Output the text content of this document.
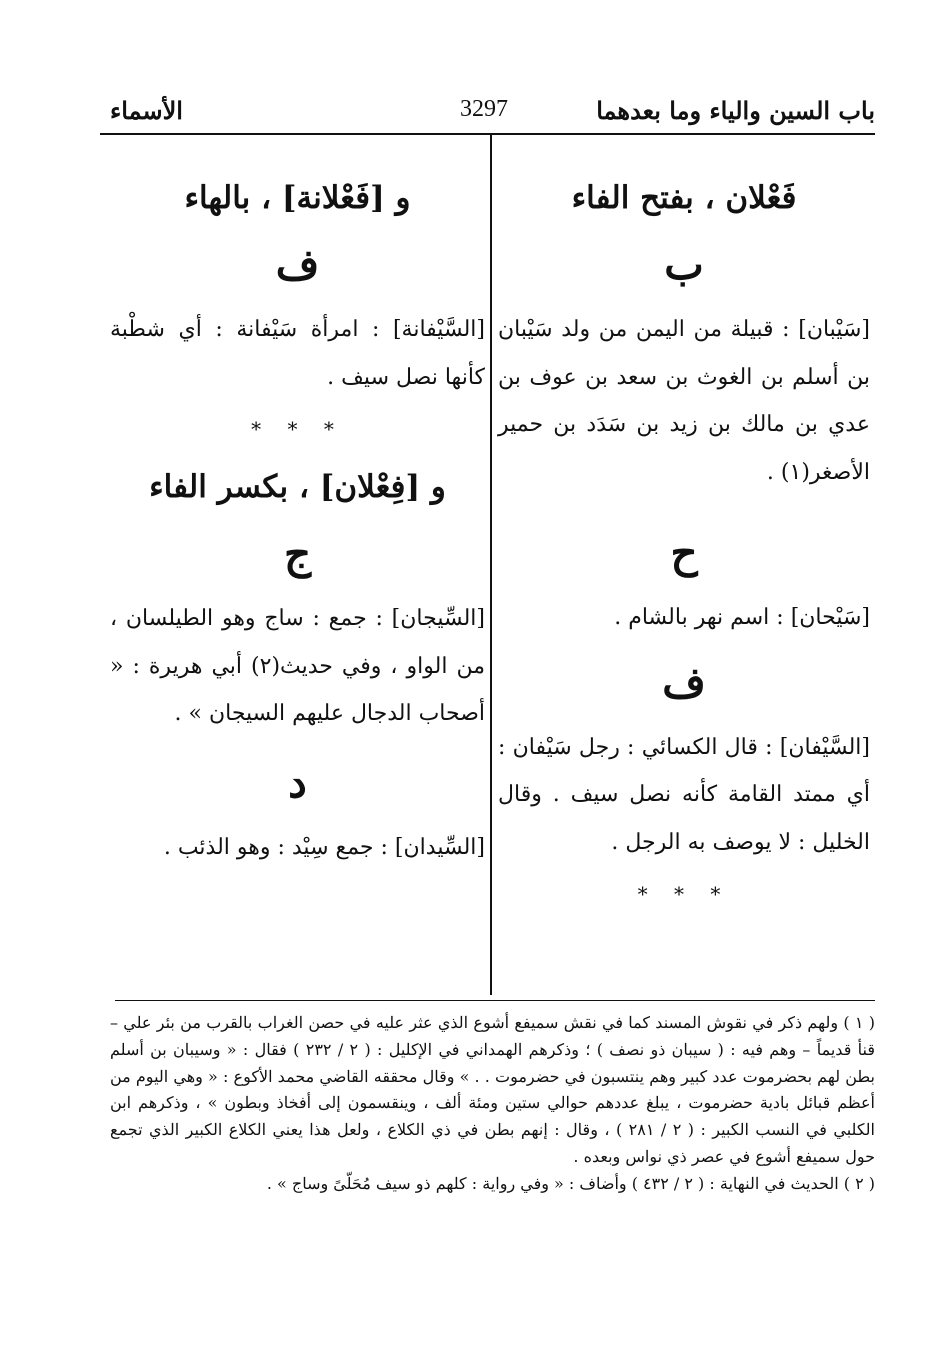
باب السين والياء وما بعدهما
3297
الأسماء

فَعْلان ، بفتح الفاء

ب

[سَيْبان] : قبيلة من اليمن من ولد سَيْبان بن أسلم بن الغوث بن سعد بن عوف بن عدي بن مالك بن زيد بن سَدَد بن حمير الأصغر(١) .

ح

[سَيْحان] : اسم نهر بالشام .

ف

[السَّيْفان] : قال الكسائي : رجل سَيْفان : أي ممتد القامة كأنه نصل سيف . وقال الخليل : لا يوصف به الرجل .

* * *

و [فَعْلانة] ، بالهاء

ف

[السَّيْفانة] : امرأة سَيْفانة : أي شطْبة كأنها نصل سيف .

* * *

و [فِعْلان] ، بكسر الفاء

ج

[السِّيجان] : جمع : ساج وهو الطيلسان ، من الواو ، وفي حديث(٢) أبي هريرة : « أصحاب الدجال عليهم السيجان » .

د

[السِّيدان] : جمع سِيْد : وهو الذئب .

( ١ ) ولهم ذكر في نقوش المسند كما في نقش سميفع أشوع الذي عثر عليه في حصن الغراب بالقرب من بئر علي – قنأ قديماً – وهم فيه : ( سيبان ذو نصف ) ؛ وذكرهم الهمداني في الإكليل : ( ٢ / ٢٣٢ ) فقال : « وسيبان بن أسلم بطن لهم بحضرموت عدد كبير وهم ينتسبون في حضرموت . . » وقال محققه القاضي محمد الأكوع : « وهي اليوم من أعظم قبائل بادية حضرموت ، يبلغ عددهم حوالي ستين ومئة ألف ، وينقسمون إلى أفخاذ وبطون » ، وذكرهم ابن الكلبي في النسب الكبير : ( ٢ / ٢٨١ ) ، وقال : إنهم بطن في ذي الكلاع ، ولعل هذا يعني الكلاع الكبير الذي تجمع حول سميفع أشوع في عصر ذي نواس وبعده .

( ٢ ) الحديث في النهاية : ( ٢ / ٤٣٢ ) وأضاف : « وفي رواية : كلهم ذو سيف مُحَلّىً وساج » .
